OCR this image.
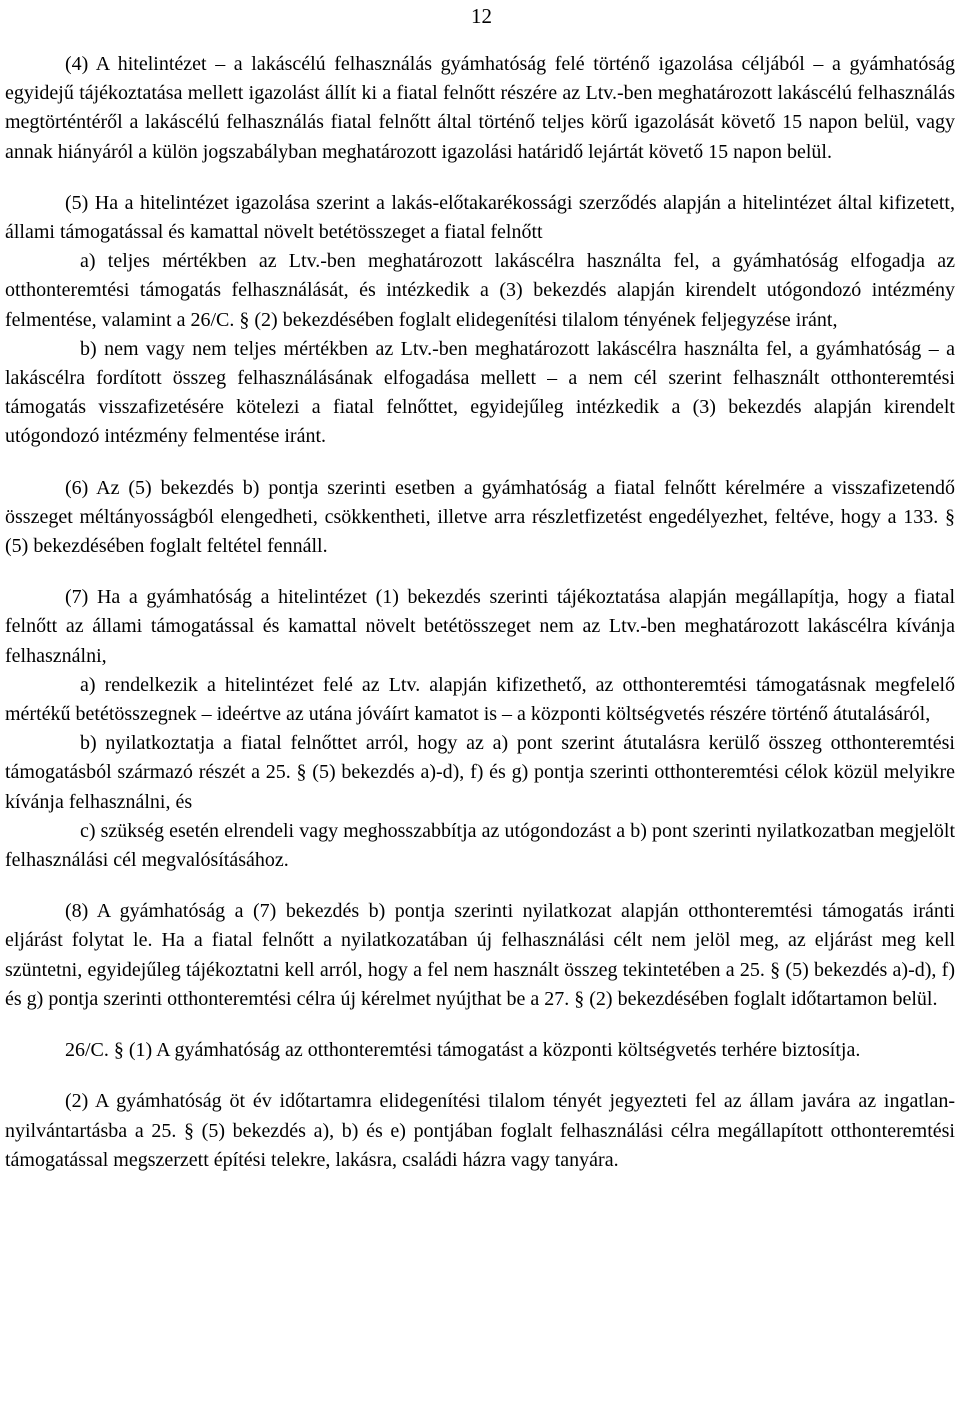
12

(4) A hitelintézet – a lakáscélú felhasználás gyámhatóság felé történő igazolása céljából – a gyámhatóság egyidejű tájékoztatása mellett igazolást állít ki a fiatal felnőtt részére az Ltv.-ben meghatározott lakáscélú felhasználás megtörténtéről a lakáscélú felhasználás fiatal felnőtt által történő teljes körű igazolását követő 15 napon belül, vagy annak hiányáról a külön jogszabályban meghatározott igazolási határidő lejártát követő 15 napon belül.

(5) Ha a hitelintézet igazolása szerint a lakás-előtakarékossági szerződés alapján a hitelintézet által kifizetett, állami támogatással és kamattal növelt betétösszeget a fiatal felnőtt

a) teljes mértékben az Ltv.-ben meghatározott lakáscélra használta fel, a gyámhatóság elfogadja az otthonteremtési támogatás felhasználását, és intézkedik a (3) bekezdés alapján kirendelt utógondozó intézmény felmentése, valamint a 26/C. § (2) bekezdésében foglalt elidegenítési tilalom tényének feljegyzése iránt,

b) nem vagy nem teljes mértékben az Ltv.-ben meghatározott lakáscélra használta fel, a gyámhatóság – a lakáscélra fordított összeg felhasználásának elfogadása mellett – a nem cél szerint felhasznált otthonteremtési támogatás visszafizetésére kötelezi a fiatal felnőttet, egyidejűleg intézkedik a (3) bekezdés alapján kirendelt utógondozó intézmény felmentése iránt.

(6) Az (5) bekezdés b) pontja szerinti esetben a gyámhatóság a fiatal felnőtt kérelmére a visszafizetendő összeget méltányosságból elengedheti, csökkentheti, illetve arra részletfizetést engedélyezhet, feltéve, hogy a 133. § (5) bekezdésében foglalt feltétel fennáll.

(7) Ha a gyámhatóság a hitelintézet (1) bekezdés szerinti tájékoztatása alapján megállapítja, hogy a fiatal felnőtt az állami támogatással és kamattal növelt betétösszeget nem az Ltv.-ben meghatározott lakáscélra kívánja felhasználni,

a) rendelkezik a hitelintézet felé az Ltv. alapján kifizethető, az otthonteremtési támogatásnak megfelelő mértékű betétösszegnek – ideértve az utána jóváírt kamatot is – a központi költségvetés részére történő átutalásáról,

b) nyilatkoztatja a fiatal felnőttet arról, hogy az a) pont szerint átutalásra kerülő összeg otthonteremtési támogatásból származó részét a 25. § (5) bekezdés a)-d), f) és g) pontja szerinti otthonteremtési célok közül melyikre kívánja felhasználni, és

c) szükség esetén elrendeli vagy meghosszabbítja az utógondozást a b) pont szerinti nyilatkozatban megjelölt felhasználási cél megvalósításához.

(8) A gyámhatóság a (7) bekezdés b) pontja szerinti nyilatkozat alapján otthonteremtési támogatás iránti eljárást folytat le. Ha a fiatal felnőtt a nyilatkozatában új felhasználási célt nem jelöl meg, az eljárást meg kell szüntetni, egyidejűleg tájékoztatni kell arról, hogy a fel nem használt összeg tekintetében a 25. § (5) bekezdés a)-d), f) és g) pontja szerinti otthonteremtési célra új kérelmet nyújthat be a 27. § (2) bekezdésében foglalt időtartamon belül.

26/C. § (1) A gyámhatóság az otthonteremtési támogatást a központi költségvetés terhére biztosítja.

(2) A gyámhatóság öt év időtartamra elidegenítési tilalom tényét jegyezteti fel az állam javára az ingatlan-nyilvántartásba a 25. § (5) bekezdés a), b) és e) pontjában foglalt felhasználási célra megállapított otthonteremtési támogatással megszerzett építési telekre, lakásra, családi házra vagy tanyára.
